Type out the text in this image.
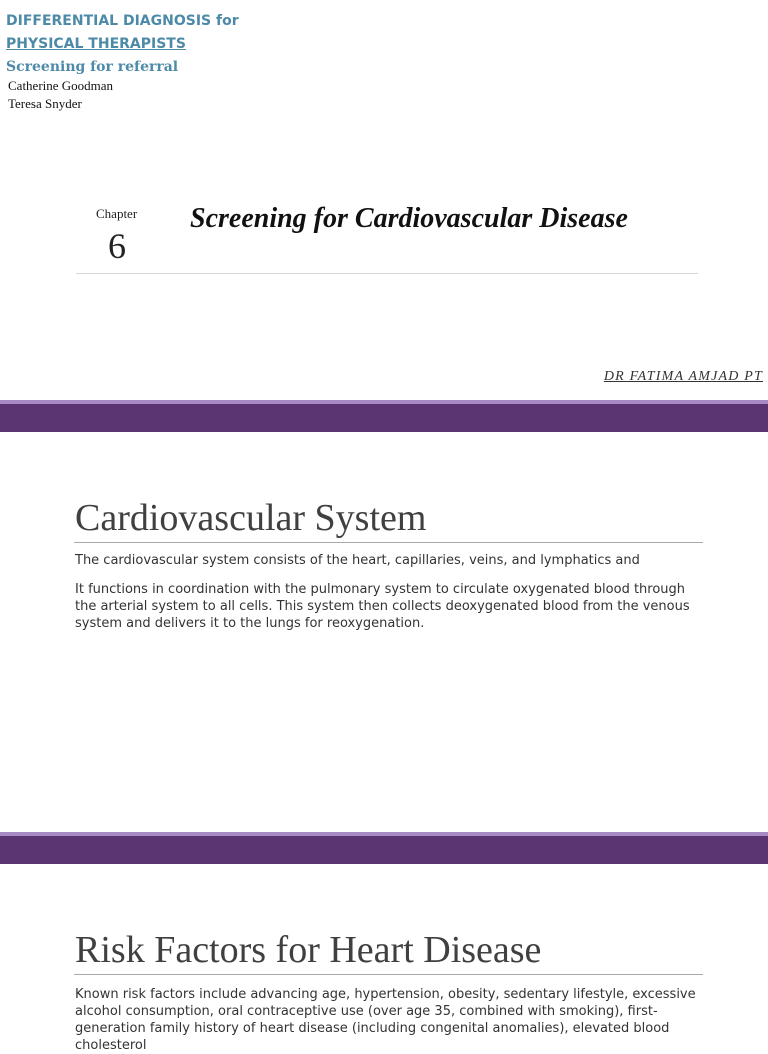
DIFFERENTIAL DIAGNOSIS for
PHYSICAL THERAPISTS
Screening for referral
Catherine Goodman
Teresa Snyder
Chapter
6
Screening for Cardiovascular Disease
DR FATIMA AMJAD PT
Cardiovascular System
The cardiovascular system consists of the heart, capillaries, veins, and lymphatics and
It functions in coordination with the pulmonary system to circulate oxygenated blood through the arterial system to all cells. This system then collects deoxygenated blood from the venous system and delivers it to the lungs for reoxygenation.
Risk Factors for Heart Disease
Known risk factors include advancing age, hypertension, obesity, sedentary lifestyle, excessive alcohol consumption, oral contraceptive use (over age 35, combined with smoking), first-generation family history of heart disease (including congenital anomalies), elevated blood cholesterol
